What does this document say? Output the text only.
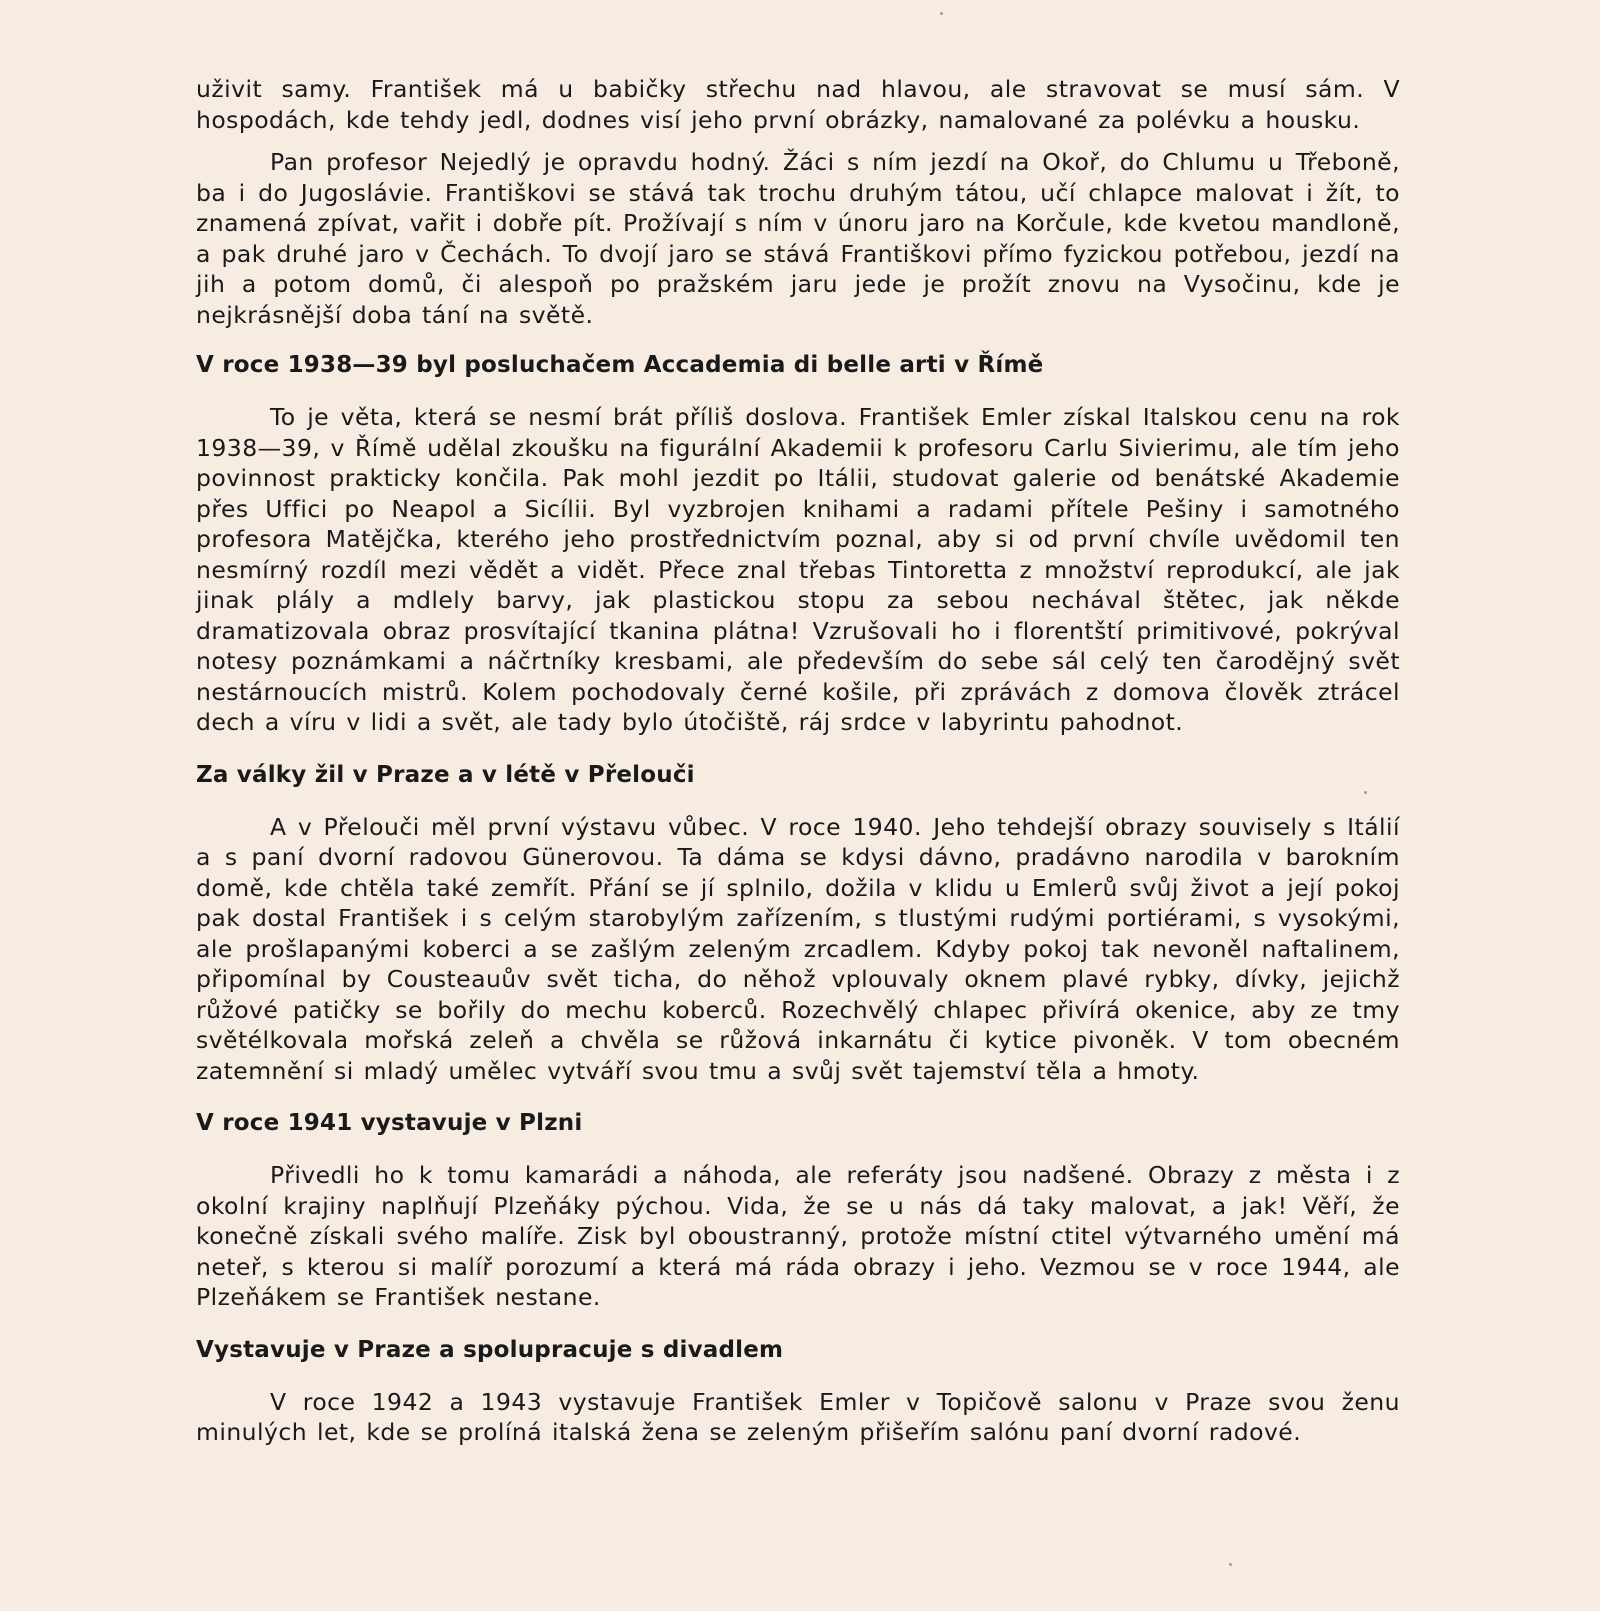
uživit samy. František má u babičky střechu nad hlavou, ale stravovat se musí sám. V hospodách, kde tehdy jedl, dodnes visí jeho první obrázky, namalované za polévku a housku.

Pan profesor Nejedlý je opravdu hodný. Žáci s ním jezdí na Okoř, do Chlumu u Třeboně, ba i do Jugoslávie. Františkovi se stává tak trochu druhým tátou, učí chlapce malovat i žít, to znamená zpívat, vařit i dobře pít. Prožívají s ním v únoru jaro na Korčule, kde kvetou mandloně, a pak druhé jaro v Čechách. To dvojí jaro se stává Františkovi přímo fyzickou potřebou, jezdí na jih a potom domů, či alespoň po pražském jaru jede je prožít znovu na Vysočinu, kde je nejkrásnější doba tání na světě.

V roce 1938—39 byl posluchačem Accademia di belle arti v Římě

To je věta, která se nesmí brát příliš doslova. František Emler získal Italskou cenu na rok 1938—39, v Římě udělal zkoušku na figurální Akademii k profesoru Carlu Sivierimu, ale tím jeho povinnost prakticky končila. Pak mohl jezdit po Itálii, studovat galerie od benátské Akademie přes Uffici po Neapol a Sicílii. Byl vyzbrojen knihami a radami přítele Pešiny i samotného profesora Matějčka, kterého jeho prostřednictvím poznal, aby si od první chvíle uvědomil ten nesmírný rozdíl mezi vědět a vidět. Přece znal třebas Tintoretta z množství reprodukcí, ale jak jinak plály a mdlely barvy, jak plastickou stopu za sebou nechával štětec, jak někde dramatizovala obraz prosvítající tkanina plátna! Vzrušovali ho i florentští primitivové, pokrýval notesy poznámkami a náčrtníky kresbami, ale především do sebe sál celý ten čarodějný svět nestárnoucích mistrů. Kolem pochodovaly černé košile, při zprávách z domova člověk ztrácel dech a víru v lidi a svět, ale tady bylo útočiště, ráj srdce v labyrintu pahodnot.

Za války žil v Praze a v létě v Přelouči

A v Přelouči měl první výstavu vůbec. V roce 1940. Jeho tehdejší obrazy souvisely s Itálií a s paní dvorní radovou Günerovou. Ta dáma se kdysi dávno, pradávno narodila v barokním domě, kde chtěla také zemřít. Přání se jí splnilo, dožila v klidu u Emlerů svůj život a její pokoj pak dostal František i s celým starobylým zařízením, s tlustými rudými portiérami, s vysokými, ale prošlapanými koberci a se zašlým zeleným zrcadlem. Kdyby pokoj tak nevoněl naftalinem, připomínal by Cousteauův svět ticha, do něhož vplouvaly oknem plavé rybky, dívky, jejichž růžové patičky se bořily do mechu koberců. Rozechvělý chlapec přivírá okenice, aby ze tmy světélkovala mořská zeleň a chvěla se růžová inkarnátu či kytice pivoněk. V tom obecném zatemnění si mladý umělec vytváří svou tmu a svůj svět tajemství těla a hmoty.

V roce 1941 vystavuje v Plzni

Přivedli ho k tomu kamarádi a náhoda, ale referáty jsou nadšené. Obrazy z města i z okolní krajiny naplňují Plzeňáky pýchou. Vida, že se u nás dá taky malovat, a jak! Věří, že konečně získali svého malíře. Zisk byl oboustranný, protože místní ctitel výtvarného umění má neteř, s kterou si malíř porozumí a která má ráda obrazy i jeho. Vezmou se v roce 1944, ale Plzeňákem se František nestane.

Vystavuje v Praze a spolupracuje s divadlem

V roce 1942 a 1943 vystavuje František Emler v Topičově salonu v Praze svou ženu minulých let, kde se prolíná italská žena se zeleným přišeřím salónu paní dvorní radové.
